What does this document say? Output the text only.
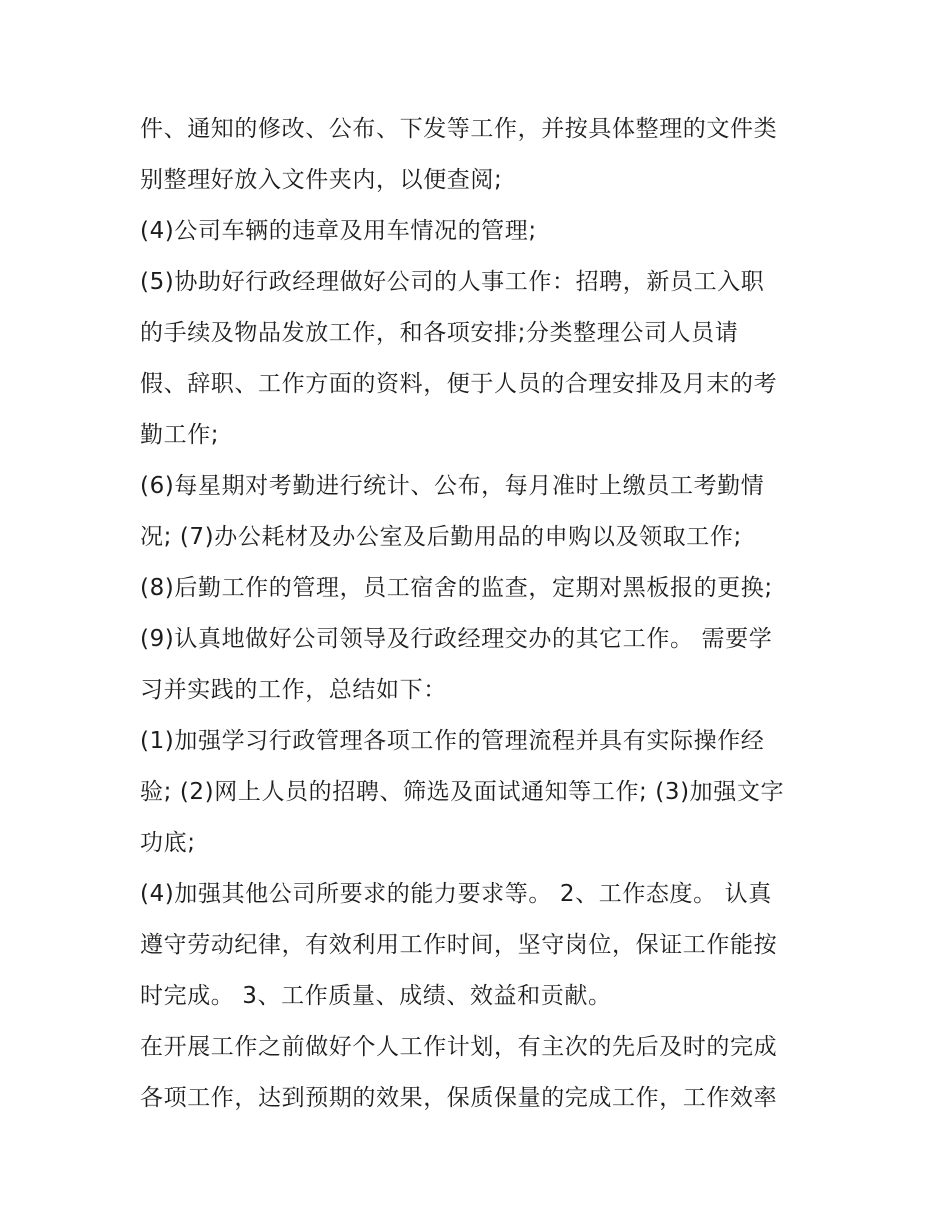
件、通知的修改、公布、下发等工作，并按具体整理的文件类
别整理好放入文件夹内，以便查阅;
(4)公司车辆的违章及用车情况的管理;
(5)协助好行政经理做好公司的人事工作：招聘，新员工入职
的手续及物品发放工作，和各项安排;分类整理公司人员请
假、辞职、工作方面的资料，便于人员的合理安排及月末的考
勤工作;
(6)每星期对考勤进行统计、公布，每月准时上缴员工考勤情
况; (7)办公耗材及办公室及后勤用品的申购以及领取工作;
(8)后勤工作的管理，员工宿舍的监查，定期对黑板报的更换;
(9)认真地做好公司领导及行政经理交办的其它工作。 需要学
习并实践的工作，总结如下：
(1)加强学习行政管理各项工作的管理流程并具有实际操作经
验; (2)网上人员的招聘、筛选及面试通知等工作; (3)加强文字
功底;
(4)加强其他公司所要求的能力要求等。 2、工作态度。 认真
遵守劳动纪律，有效利用工作时间，坚守岗位，保证工作能按
时完成。 3、工作质量、成绩、效益和贡献。
在开展工作之前做好个人工作计划，有主次的先后及时的完成
各项工作，达到预期的效果，保质保量的完成工作，工作效率
